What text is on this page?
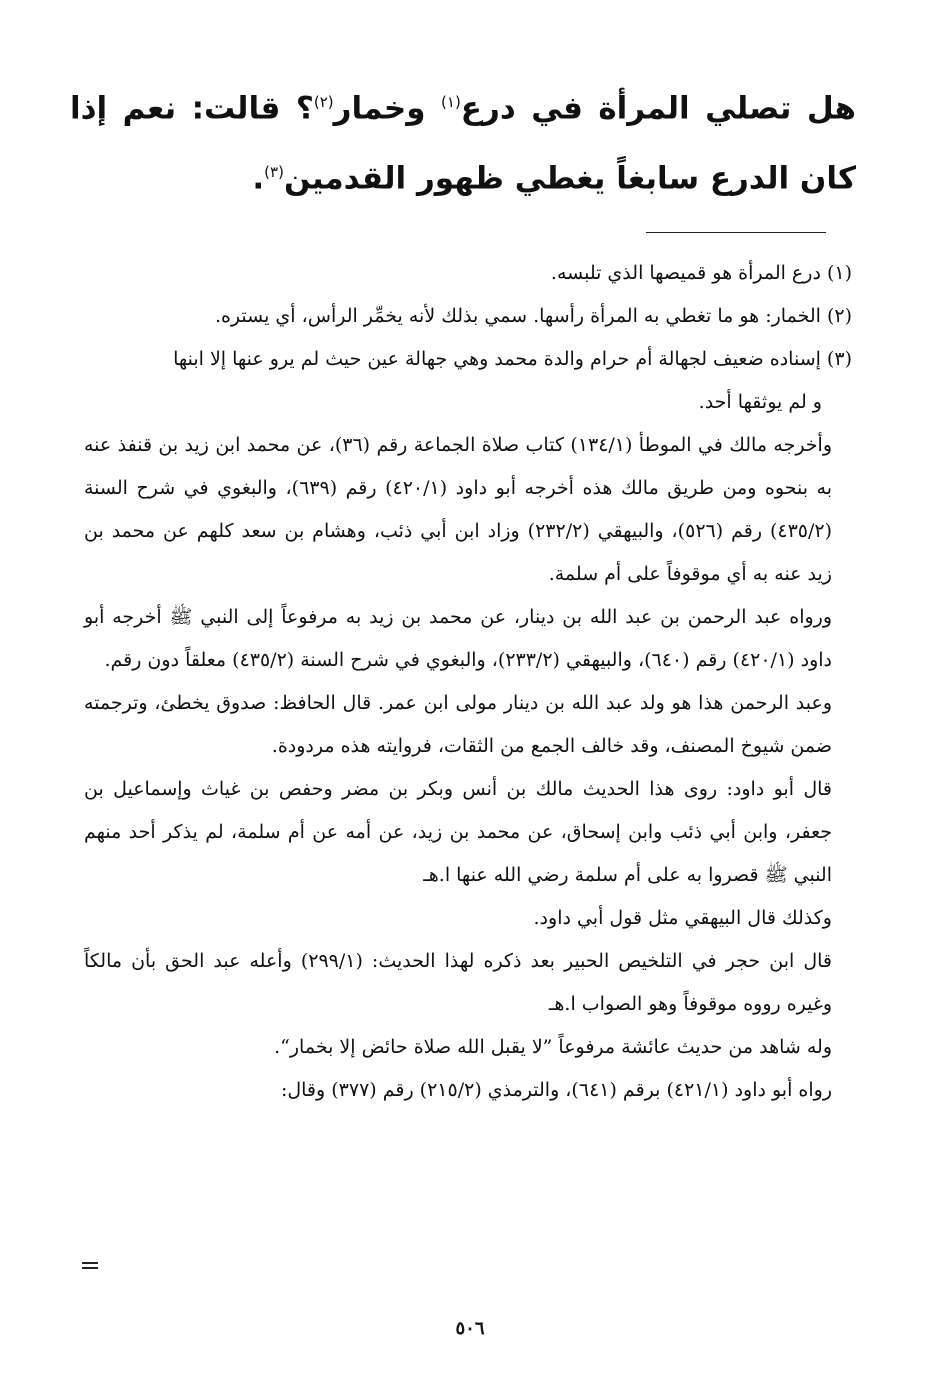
هل تصلي المرأة في درع$^{(١)}$ وخمار$^{(٢)}$؟ قالت: نعم إذا كان الدرع سابغاً يغطي ظهور القدمين$^{(٣)}$.

(١) درع المرأة هو قميصها الذي تلبسه.

(٢) الخمار: هو ما تغطي به المرأة رأسها. سمي بذلك لأنه يخمِّر الرأس، أي يستره.

(٣) إسناده ضعيف لجهالة أم حرام والدة محمد وهي جهالة عين حيث لم يرو عنها إلا ابنها

و لم يوثقها أحد.

وأخرجه مالك في الموطأ (١٣٤/١) كتاب صلاة الجماعة رقم (٣٦)، عن محمد ابن زيد بن قنفذ عنه به بنحوه ومن طريق مالك هذه أخرجه أبو داود (٤٢٠/١) رقم (٦٣٩)، والبغوي في شرح السنة (٤٣٥/٢) رقم (٥٢٦)، والبيهقي (٢٣٢/٢) وزاد ابن أبي ذئب، وهشام بن سعد كلهم عن محمد بن زيد عنه به أي موقوفاً على أم سلمة.

ورواه عبد الرحمن بن عبد الله بن دينار، عن محمد بن زيد به مرفوعاً إلى النبي ﷺ أخرجه أبو داود (٤٢٠/١) رقم (٦٤٠)، والبيهقي (٢٣٣/٢)، والبغوي في شرح السنة (٤٣٥/٢) معلقاً دون رقم.

وعبد الرحمن هذا هو ولد عبد الله بن دينار مولى ابن عمر. قال الحافظ: صدوق يخطئ، وترجمته ضمن شيوخ المصنف، وقد خالف الجمع من الثقات، فروايته هذه مردودة.

قال أبو داود: روى هذا الحديث مالك بن أنس وبكر بن مضر وحفص بن غياث وإسماعيل بن جعفر، وابن أبي ذئب وابن إسحاق، عن محمد بن زيد، عن أمه عن أم سلمة، لم يذكر أحد منهم النبي ﷺ قصروا به على أم سلمة رضي الله عنها ا.هـ

وكذلك قال البيهقي مثل قول أبي داود.

قال ابن حجر في التلخيص الحبير بعد ذكره لهذا الحديث: (٢٩٩/١) وأعله عبد الحق بأن مالكاً وغيره رووه موقوفاً وهو الصواب ا.هـ

وله شاهد من حديث عائشة مرفوعاً ”لا يقبل الله صلاة حائض إلا بخمار“.

رواه أبو داود (٤٢١/١) برقم (٦٤١)، والترمذي (٢١٥/٢) رقم (٣٧٧) وقال:

٥٠٦
